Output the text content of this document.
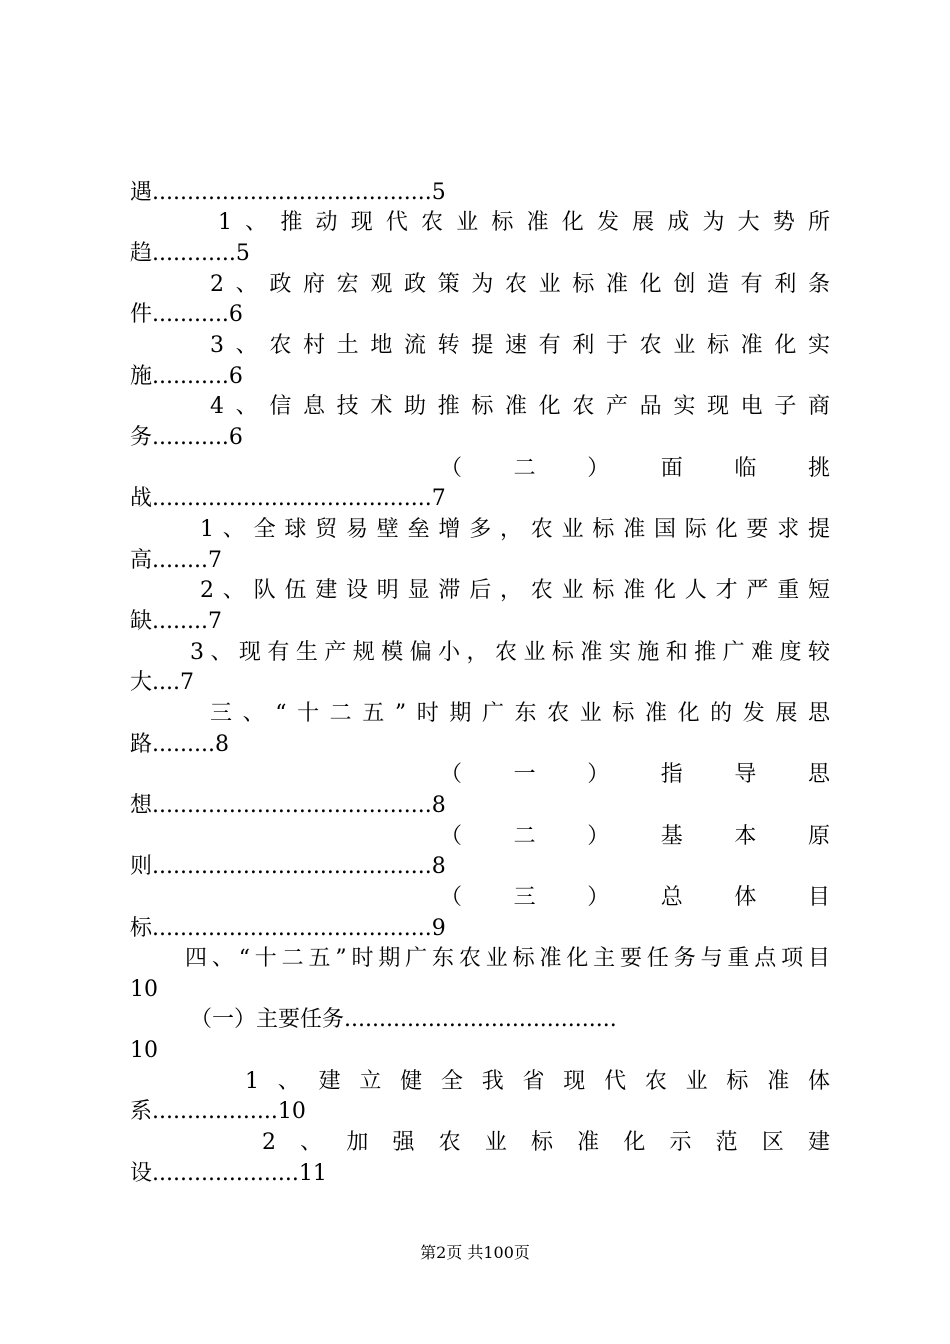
遇........................................5
1、推动现代农业标准化发展成为大势所
趋............5
2、政府宏观政策为农业标准化创造有利条
件...........6
3、农村土地流转提速有利于农业标准化实
施...........6
4、信息技术助推标准化农产品实现电子商
务...........6
（ 二 ） 面 临 挑
战........................................7
1、全球贸易壁垒增多，农业标准国际化要求提
高........7
2、队伍建设明显滞后，农业标准化人才严重短
缺........7
3、现有生产规模偏小，农业标准实施和推广难度较
大....7
三、“十二五”时期广东农业标准化的发展思
路.........8
（ 一 ） 指 导 思
想........................................8
（ 二 ） 基 本 原
则........................................8
（ 三 ） 总 体 目
标........................................9
四、“十二五”时期广东农业标准化主要任务与重点项目
10
（一）主要任务.......................................
10
1、建立健全我省现代农业标准体
系..................10
2、加强农业标准化示范区建
设.....................11
第2页 共100页
